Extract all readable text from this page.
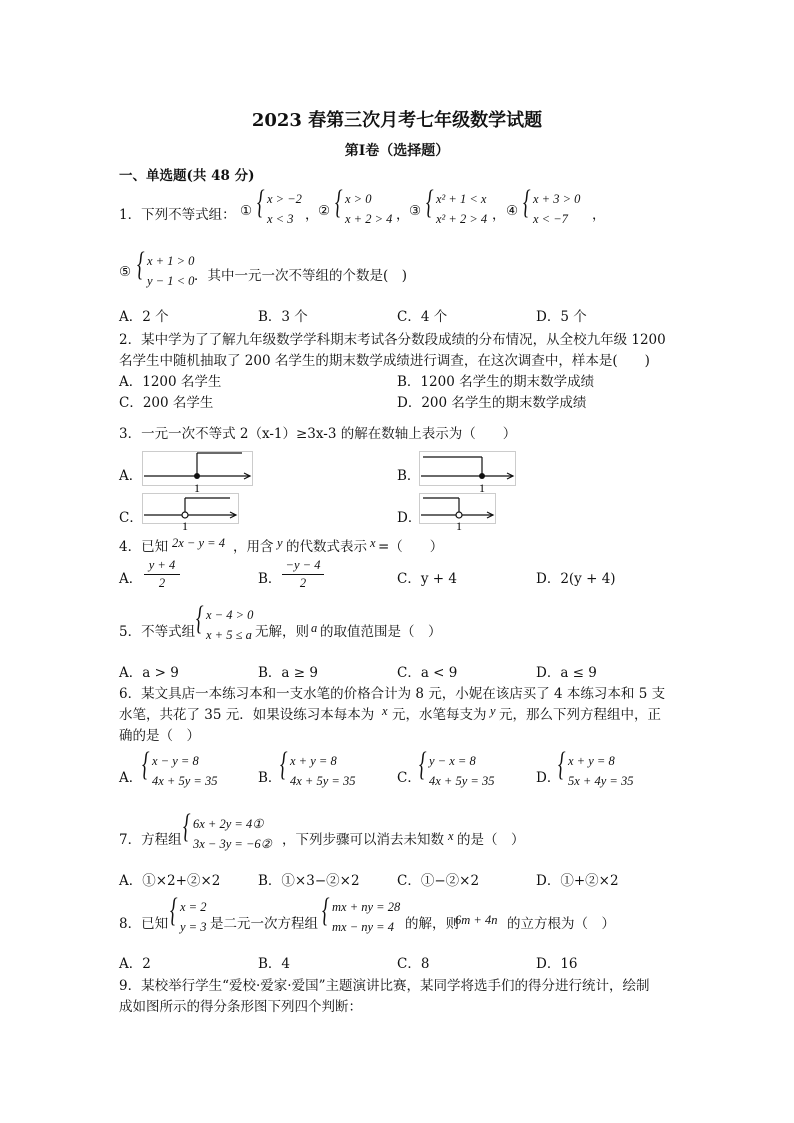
2023 春第三次月考七年级数学试题
第Ⅰ卷（选择题）
一、单选题(共 48 分)
1．下列不等式组： ① { x > −2
x < 3 ， ② { x > 0
x + 2 > 4 ， ③ { x² + 1 < x
x² + 2 > 4 ， ④ { x + 3 > 0
x < −7 ，
⑤ { x + 1 > 0
y − 1 < 0 ．其中一元一次不等组的个数是(　)
A．2 个	B．3 个	C．4 个	D．5 个
2．某中学为了了解九年级数学学科期末考试各分数段成绩的分布情况，从全校九年级 1200
名学生中随机抽取了 200 名学生的期末数学成绩进行调查，在这次调查中，样本是(　　)
A．1200 名学生	B．1200 名学生的期末数学成绩
C．200 名学生	D．200 名学生的期末数学成绩
3．一元一次不等式 2（x-1）≥3x-3 的解在数轴上表示为（　　）
A．
1
B．
1
C．	1	D．	1
4．已知 2x − y = 4 ，用含 y 的代数式表示 x =（　　）
A．
y + 4
2	B．
−y − 4
2	C．y + 4	D．2(y + 4)
5．不等式组 { x − 4 > 0
x + 5 ≤ a 无解，则 a 的取值范围是（　）
A．a > 9	B．a ≥ 9	C．a < 9	D．a ≤ 9
6．某文具店一本练习本和一支水笔的价格合计为 8 元，小妮在该店买了 4 本练习本和 5 支
水笔，共花了 35 元．如果设练习本每本为 x 元，水笔每支为 y 元，那么下列方程组中，正
确的是（　）
A． { x − y = 8
4x + 5y = 35	B．
{ x + y = 8
4x + 5y = 35	C．
{ y − x = 8
4x + 5y = 35	D．
{ x + y = 8
5x + 4y = 35
7．方程组 { 6x + 2y = 4①
3x − 3y = −6② ，下列步骤可以消去未知数 x 的是（　）
A．①×2+②×2	B．①×3−②×2	C．①−②×2	D．①+②×2
8．已知 { x = 2
y = 3 是二元一次方程组 { mx + ny = 28
mx − ny = 4 的解，则
6m + 4n 的立方根为（　）
A．2	B．4	C．8	D．16
9．某校举行学生“爱校·爱家·爱国”主题演讲比赛，某同学将选手们的得分进行统计，绘制
成如图所示的得分条形图下列四个判断：
